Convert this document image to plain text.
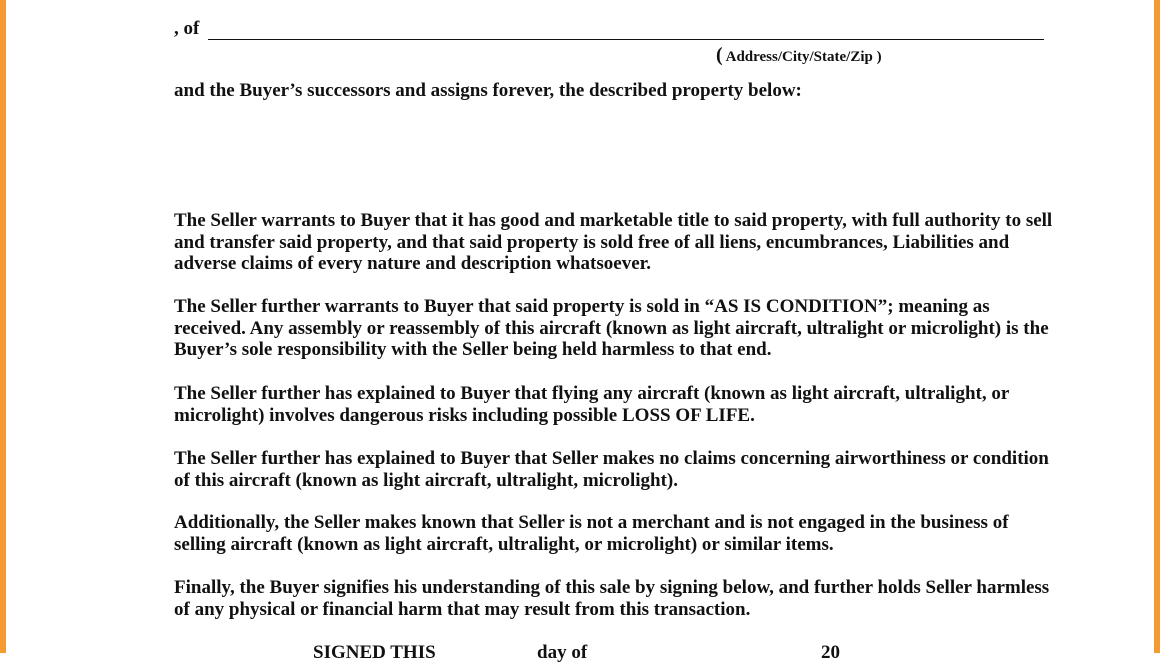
, of
( Address/City/State/Zip )
and the Buyer’s successors and assigns forever, the described property below:
The Seller warrants to Buyer that it has good and marketable title to said property, with full authority to sell
and transfer said property, and that said property is sold free of all liens, encumbrances, Liabilities and
adverse claims of every nature and description whatsoever.
The Seller further warrants to Buyer that said property is sold in “AS IS CONDITION”; meaning as
received. Any assembly or reassembly of this aircraft (known as light aircraft, ultralight or microlight) is the
Buyer’s sole responsibility with the Seller being held harmless to that end.
The Seller further has explained to Buyer that flying any aircraft (known as light aircraft, ultralight, or
microlight) involves dangerous risks including possible LOSS OF LIFE.
The Seller further has explained to Buyer that Seller makes no claims concerning airworthiness or condition
of this aircraft (known as light aircraft, ultralight, microlight).
Additionally, the Seller makes known that Seller is not a merchant and is not engaged in the business of
selling aircraft (known as light aircraft, ultralight, or microlight) or similar items.
Finally, the Buyer signifies his understanding of this sale by signing below, and further holds Seller harmless
of any physical or financial harm that may result from this transaction.
SIGNED THIS	day of	20
